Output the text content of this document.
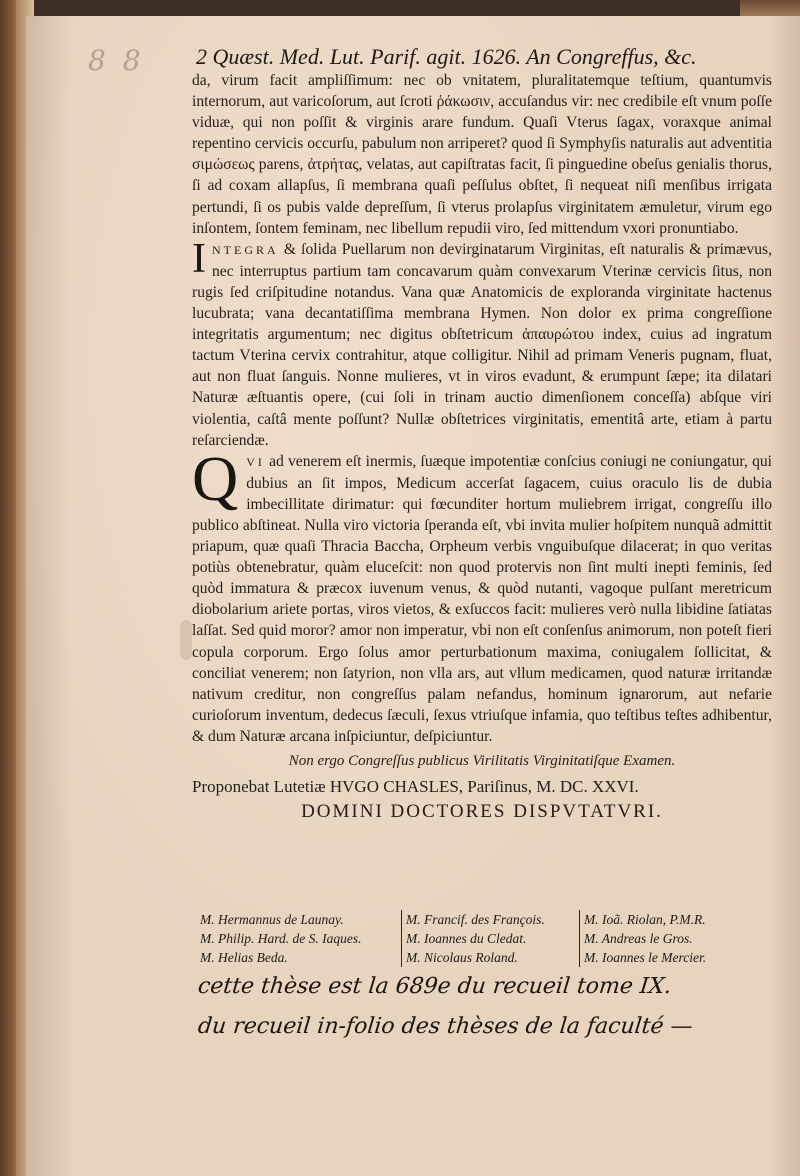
8 8 2 Quæst. Med. Lut. Parif. agit. 1626. An Congreffus, &c.

da, virum facit ampliſſimum: nec ob vnitatem, pluralitatemque teſtium, quantumvis internorum, aut varicoſorum, aut ſcroti ῥάκωσιν, accuſandus vir: nec credibile eſt vnum poſſe viduæ, qui non poſſit & virginis arare fundum. Quaſi Vterus ſagax, voraxque animal repentino cervicis occurſu, pabulum non arriperet? quod ſi Symphyſis naturalis aut adventitia σιμώσεως parens, ἀτρήτας, velatas, aut capiſtratas facit, ſi pinguedine obeſus genialis thorus, ſi ad coxam allapſus, ſi membrana quaſi peſſulus obſtet, ſi nequeat niſi menſibus irrigata pertundi, ſi os pubis valde depreſſum, ſi vterus prolapſus virginitatem æmuletur, virum ego inſontem, ſontem feminam, nec libellum repudii viro, ſed mittendum vxori pronuntiabo.

INTEGRA & ſolida Puellarum non devirginatarum Virginitas, eſt naturalis & primævus, nec interruptus partium tam concavarum quàm convexarum Vterinæ cervicis ſitus, non rugis ſed criſpitudine notandus. Vana quæ Anatomicis de exploranda virginitate hactenus lucubrata; vana decantatiſſima membrana Hymen. Non dolor ex prima congreſſione integritatis argumentum; nec digitus obſtetricum ἀπαυρώτου index, cuius ad ingratum tactum Vterina cervix contrahitur, atque colligitur. Nihil ad primam Veneris pugnam, fluat, aut non fluat ſanguis. Nonne mulieres, vt in viros evadunt, & erumpunt ſæpe; ita dilatari Naturæ æſtuantis opere, (cui ſoli in trinam auctio dimenſionem conceſſa) abſque viri violentia, caſtâ mente poſſunt? Nullæ obſtetrices virginitatis, ementitâ arte, etiam à partu reſarciendæ.

QVI ad venerem eſt inermis, ſuæque impotentiæ conſcius coniugi ne coniungatur, qui dubius an ſit impos, Medicum accerſat ſagacem, cuius oraculo lis de dubia imbecillitate dirimatur: qui fœcunditer hortum muliebrem irrigat, congreſſu illo publico abſtineat. Nulla viro victoria ſperanda eſt, vbi invita mulier hoſpitem nunquã admittit priapum, quæ quaſi Thracia Baccha, Orpheum verbis vnguibuſque dilacerat; in quo veritas potiùs obtenebratur, quàm eluceſcit: non quod protervis non ſint multi inepti feminis, ſed quòd immatura & præcox iuvenum venus, & quòd nutanti, vagoque pulſant meretricum diobolarium ariete portas, viros vietos, & exſuccos facit: mulieres verò nulla libidine ſatiatas laſſat. Sed quid moror? amor non imperatur, vbi non eſt conſenſus animorum, non poteſt fieri copula corporum. Ergo ſolus amor perturbationum maxima, coniugalem ſollicitat, & conciliat venerem; non ſatyrion, non vlla ars, aut vllum medicamen, quod naturæ irritandæ nativum creditur, non congreſſus palam nefandus, hominum ignarorum, aut nefarie curioſorum inventum, dedecus ſæculi, ſexus vtriuſque infamia, quo teſtibus teſtes adhibentur, & dum Naturæ arcana inſpiciuntur, deſpiciuntur.

Non ergo Congreſſus publicus Virilitatis Virginitatiſque Examen.
Proponebat Lutetiæ HVGO CHASLES, Pariſinus, M. DC. XXVI.
DOMINI DOCTORES DISPVTATVRI.
M. Hermannus de Launay.
M. Philip. Hard. de S. Iaques.
M. Helias Beda.
M. Francif. des François.
M. Ioannes du Cledat.
M. Nicolaus Roland.
M. Ioã. Riolan, P.M.R.
M. Andreas le Gros.
M. Ioannes le Mercier.
cette thèse est la 689e du recueil tome IX.
du recueil in-folio des thèses de la faculté —
